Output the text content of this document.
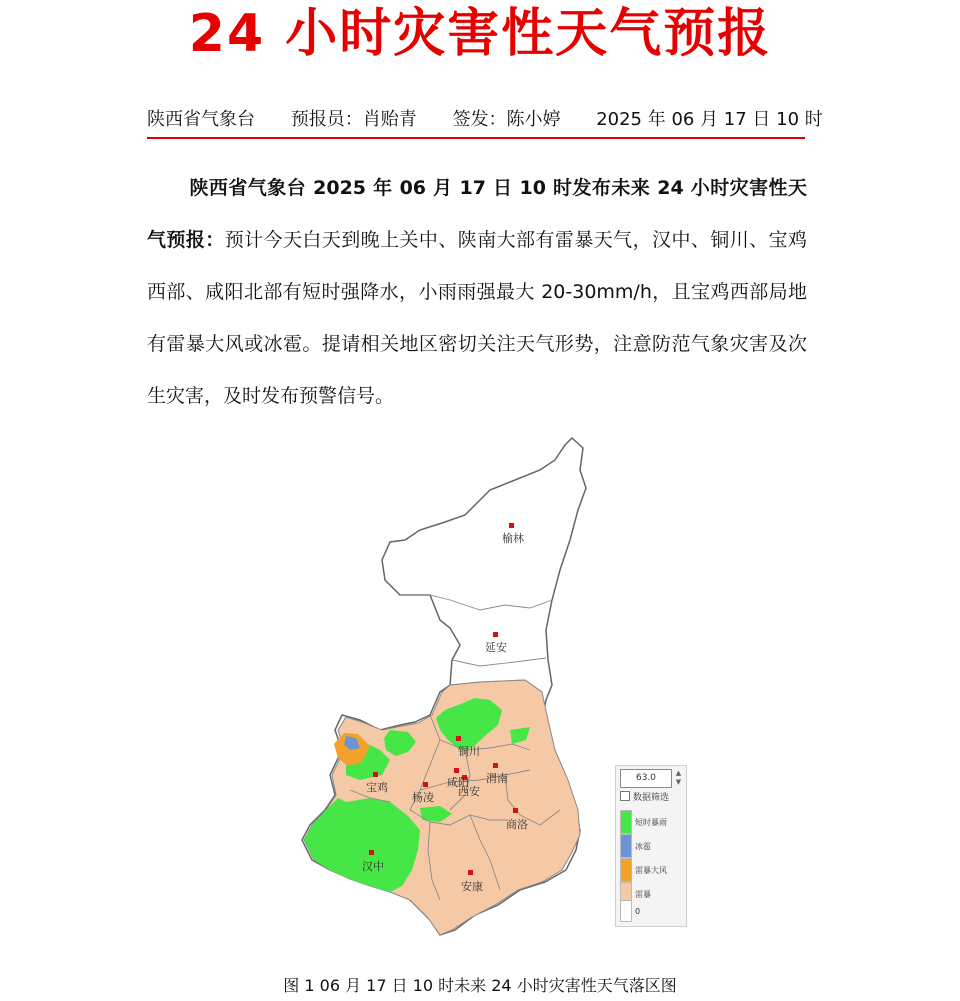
24 小时灾害性天气预报
陕西省气象台 预报员：肖贻青 签发：陈小婷 2025 年 06 月 17 日 10 时
陕西省气象台 2025 年 06 月 17 日 10 时发布未来 24 小时灾害性天气预报：预计今天白天到晚上关中、陕南大部有雷暴天气，汉中、铜川、宝鸡西部、咸阳北部有短时强降水，小雨雨强最大 20-30mm/h，且宝鸡西部局地有雷暴大风或冰雹。提请相关地区密切关注天气形势，注意防范气象灾害及次生灾害，及时发布预警信号。
榆林
延安
铜川
宝鸡
杨凌
咸阳
西安
渭南
商洛
汉中
安康
63.0	▲
▼
数据筛选
短时暴雨
冰雹
雷暴大风
雷暴
0
图 1 06 月 17 日 10 时未来 24 小时灾害性天气落区图
